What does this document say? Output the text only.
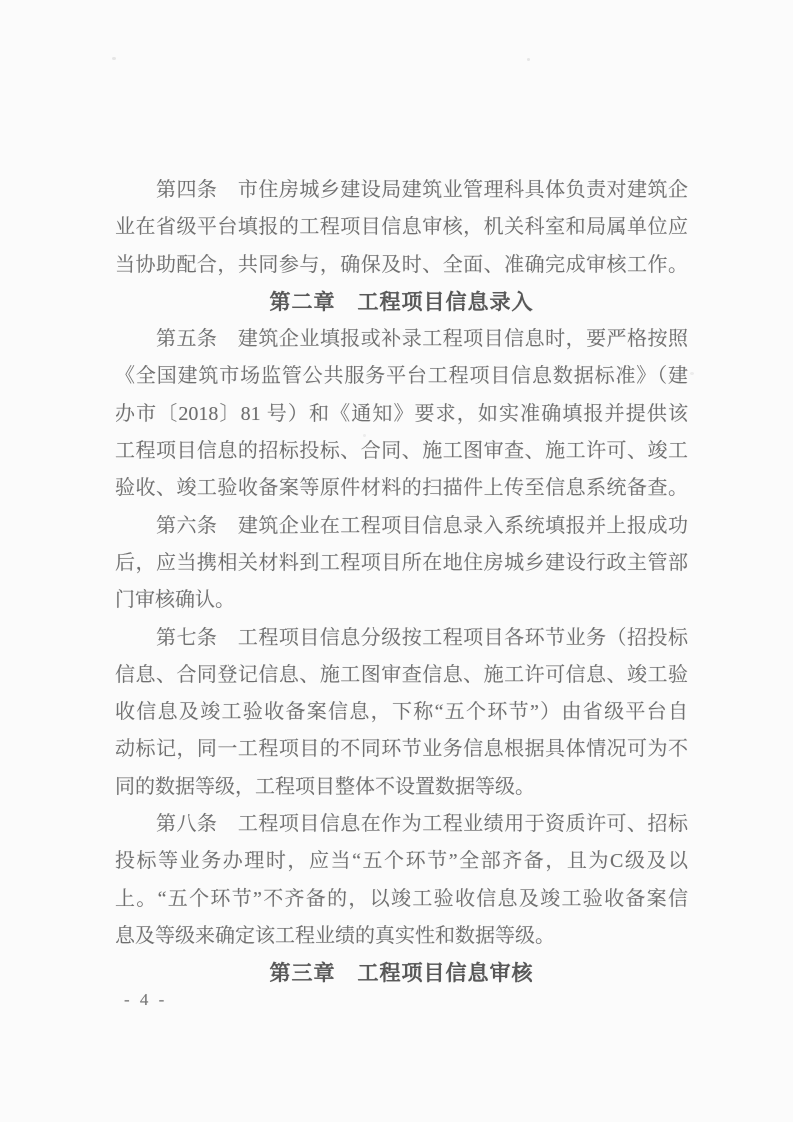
　　第四条　市住房城乡建设局建筑业管理科具体负责对建筑企
业在省级平台填报的工程项目信息审核，机关科室和局属单位应
当协助配合，共同参与，确保及时、全面、准确完成审核工作。
第二章　工程项目信息录入
　　第五条　建筑企业填报或补录工程项目信息时，要严格按照
《全国建筑市场监管公共服务平台工程项目信息数据标准》（建
办市〔2018〕81 号）和《通知》要求，如实准确填报并提供该
工程项目信息的招标投标、合同、施工图审查、施工许可、竣工
验收、竣工验收备案等原件材料的扫描件上传至信息系统备查。
　　第六条　建筑企业在工程项目信息录入系统填报并上报成功
后，应当携相关材料到工程项目所在地住房城乡建设行政主管部
门审核确认。
　　第七条　工程项目信息分级按工程项目各环节业务（招投标
信息、合同登记信息、施工图审查信息、施工许可信息、竣工验
收信息及竣工验收备案信息，下称“五个环节”）由省级平台自
动标记，同一工程项目的不同环节业务信息根据具体情况可为不
同的数据等级，工程项目整体不设置数据等级。
　　第八条　工程项目信息在作为工程业绩用于资质许可、招标
投标等业务办理时，应当“五个环节”全部齐备，且为C级及以
上。“五个环节”不齐备的，以竣工验收信息及竣工验收备案信
息及等级来确定该工程业绩的真实性和数据等级。
第三章　工程项目信息审核
- 4 -
